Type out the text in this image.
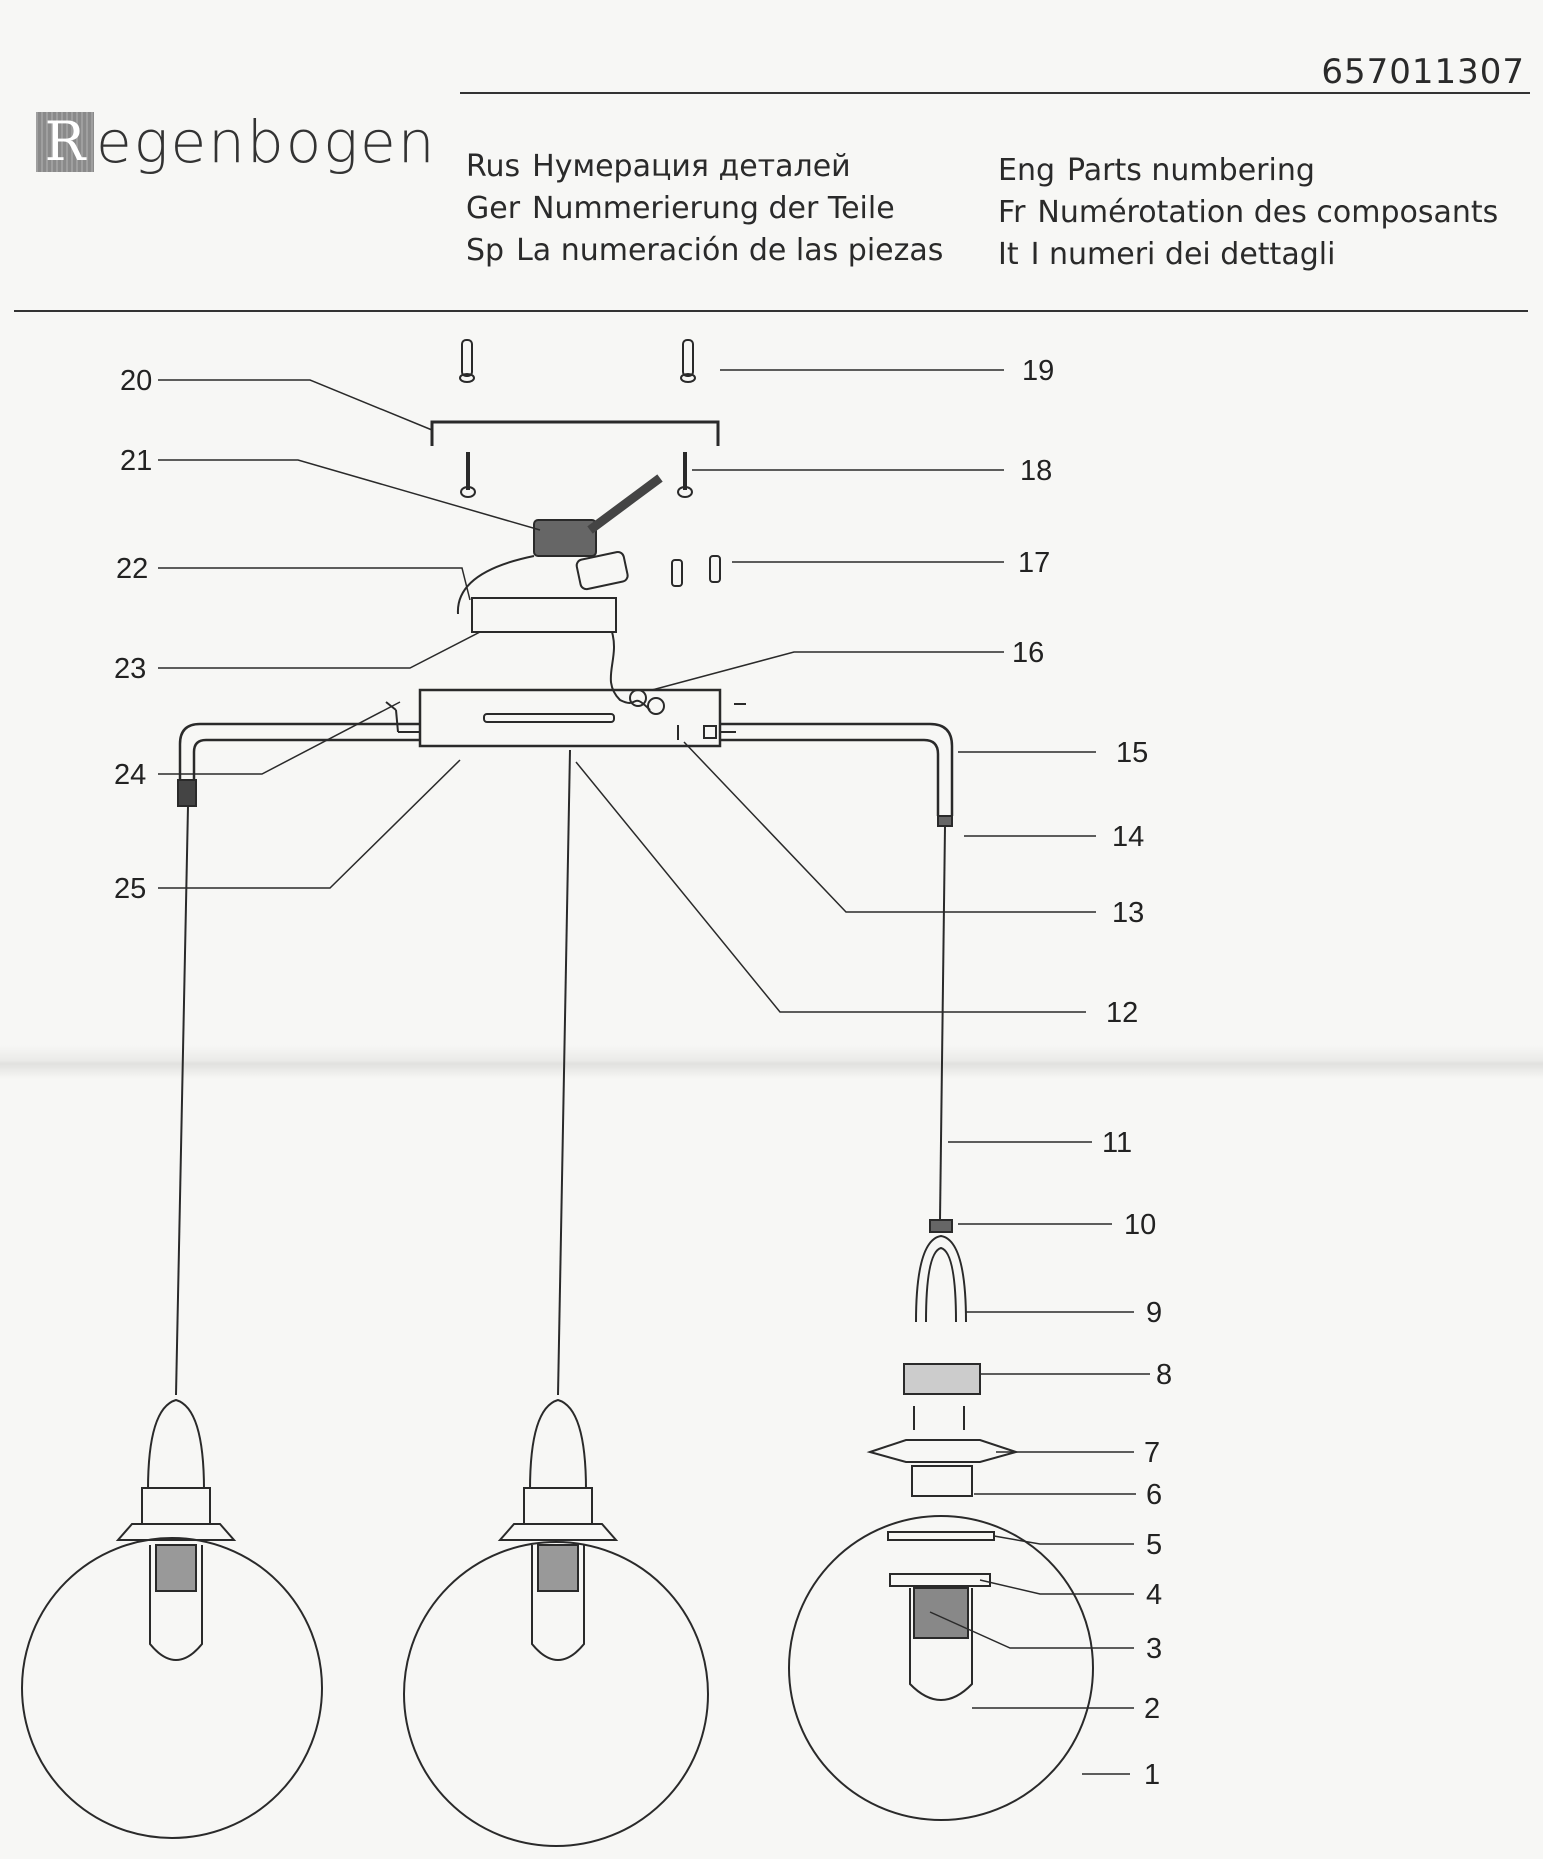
657011307
R egenbogen Rus Нумерация деталей
Ger Nummerierung der Teile
Sp La numeración de las piezas
Eng Parts numbering
Fr Numérotation des composants
It I numeri dei dettagli
20
21
22
23
24
25
19
18
17
16
15
14
13
12
11
10
9
8
7
6
5
4
3
2
1
